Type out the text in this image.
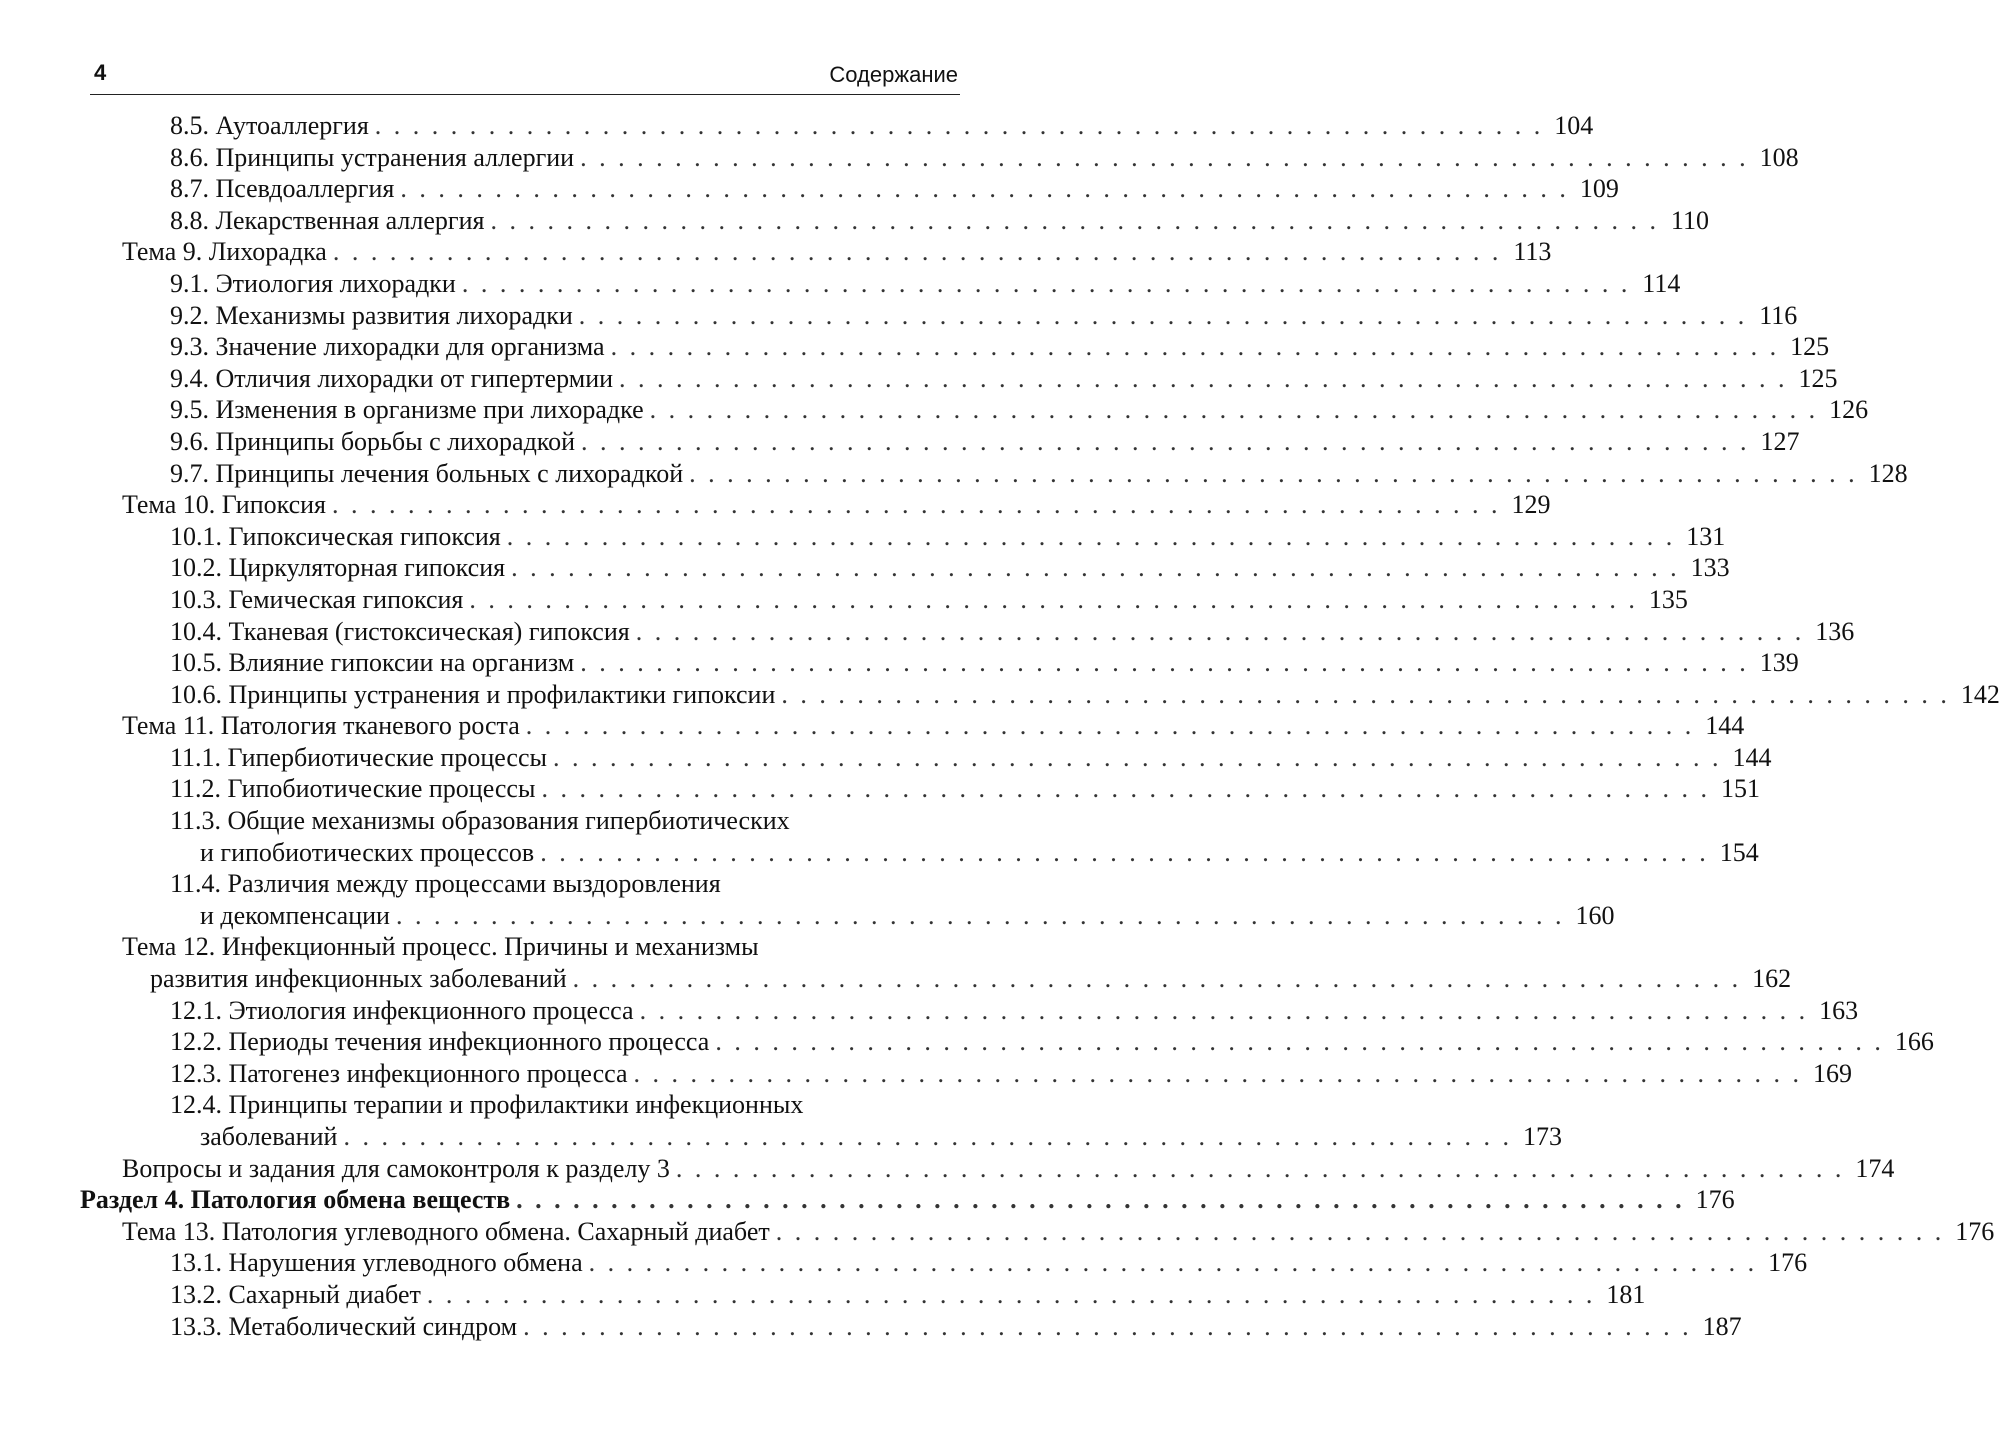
4	Содержание
8.5. Аутоаллергия . . . . . . . . . . . . . . . . . . . . . . . . . . . . . . . . . . . . . . . . . . . . . . . . . . . . . . . . . . . . . . 104
8.6. Принципы устранения аллергии . . . . . . . . . . . . . . . . . . . . . . . . . . . . . . . . . . . . . . . . . . . . . . . . . . . . . . . . . . . . . . 108
8.7. Псевдоаллергия . . . . . . . . . . . . . . . . . . . . . . . . . . . . . . . . . . . . . . . . . . . . . . . . . . . . . . . . . . . . . . 109
8.8. Лекарственная аллергия . . . . . . . . . . . . . . . . . . . . . . . . . . . . . . . . . . . . . . . . . . . . . . . . . . . . . . . . . . . . . . 110
Тема 9. Лихорадка . . . . . . . . . . . . . . . . . . . . . . . . . . . . . . . . . . . . . . . . . . . . . . . . . . . . . . . . . . . . . . 113
9.1. Этиология лихорадки . . . . . . . . . . . . . . . . . . . . . . . . . . . . . . . . . . . . . . . . . . . . . . . . . . . . . . . . . . . . . . 114
9.2. Механизмы развития лихорадки . . . . . . . . . . . . . . . . . . . . . . . . . . . . . . . . . . . . . . . . . . . . . . . . . . . . . . . . . . . . . . 116
9.3. Значение лихорадки для организма . . . . . . . . . . . . . . . . . . . . . . . . . . . . . . . . . . . . . . . . . . . . . . . . . . . . . . . . . . . . . . 125
9.4. Отличия лихорадки от гипертермии . . . . . . . . . . . . . . . . . . . . . . . . . . . . . . . . . . . . . . . . . . . . . . . . . . . . . . . . . . . . . . 125
9.5. Изменения в организме при лихорадке . . . . . . . . . . . . . . . . . . . . . . . . . . . . . . . . . . . . . . . . . . . . . . . . . . . . . . . . . . . . . . 126
9.6. Принципы борьбы с лихорадкой . . . . . . . . . . . . . . . . . . . . . . . . . . . . . . . . . . . . . . . . . . . . . . . . . . . . . . . . . . . . . . 127
9.7. Принципы лечения больных с лихорадкой . . . . . . . . . . . . . . . . . . . . . . . . . . . . . . . . . . . . . . . . . . . . . . . . . . . . . . . . . . . . . . 128
Тема 10. Гипоксия . . . . . . . . . . . . . . . . . . . . . . . . . . . . . . . . . . . . . . . . . . . . . . . . . . . . . . . . . . . . . . 129
10.1. Гипоксическая гипоксия . . . . . . . . . . . . . . . . . . . . . . . . . . . . . . . . . . . . . . . . . . . . . . . . . . . . . . . . . . . . . . 131
10.2. Циркуляторная гипоксия . . . . . . . . . . . . . . . . . . . . . . . . . . . . . . . . . . . . . . . . . . . . . . . . . . . . . . . . . . . . . . 133
10.3. Гемическая гипоксия . . . . . . . . . . . . . . . . . . . . . . . . . . . . . . . . . . . . . . . . . . . . . . . . . . . . . . . . . . . . . . 135
10.4. Тканевая (гистоксическая) гипоксия . . . . . . . . . . . . . . . . . . . . . . . . . . . . . . . . . . . . . . . . . . . . . . . . . . . . . . . . . . . . . . 136
10.5. Влияние гипоксии на организм . . . . . . . . . . . . . . . . . . . . . . . . . . . . . . . . . . . . . . . . . . . . . . . . . . . . . . . . . . . . . . 139
10.6. Принципы устранения и профилактики гипоксии . . . . . . . . . . . . . . . . . . . . . . . . . . . . . . . . . . . . . . . . . . . . . . . . . . . . . . . . . . . . . . 142
Тема 11. Патология тканевого роста . . . . . . . . . . . . . . . . . . . . . . . . . . . . . . . . . . . . . . . . . . . . . . . . . . . . . . . . . . . . . . 144
11.1. Гипербиотические процессы . . . . . . . . . . . . . . . . . . . . . . . . . . . . . . . . . . . . . . . . . . . . . . . . . . . . . . . . . . . . . . 144
11.2. Гипобиотические процессы . . . . . . . . . . . . . . . . . . . . . . . . . . . . . . . . . . . . . . . . . . . . . . . . . . . . . . . . . . . . . . 151
11.3. Общие механизмы образования гипербиотических
и гипобиотических процессов . . . . . . . . . . . . . . . . . . . . . . . . . . . . . . . . . . . . . . . . . . . . . . . . . . . . . . . . . . . . . . 154
11.4. Различия между процессами выздоровления
и декомпенсации . . . . . . . . . . . . . . . . . . . . . . . . . . . . . . . . . . . . . . . . . . . . . . . . . . . . . . . . . . . . . . 160
Тема 12. Инфекционный процесс. Причины и механизмы
развития инфекционных заболеваний . . . . . . . . . . . . . . . . . . . . . . . . . . . . . . . . . . . . . . . . . . . . . . . . . . . . . . . . . . . . . . 162
12.1. Этиология инфекционного процесса . . . . . . . . . . . . . . . . . . . . . . . . . . . . . . . . . . . . . . . . . . . . . . . . . . . . . . . . . . . . . . 163
12.2. Периоды течения инфекционного процесса . . . . . . . . . . . . . . . . . . . . . . . . . . . . . . . . . . . . . . . . . . . . . . . . . . . . . . . . . . . . . . 166
12.3. Патогенез инфекционного процесса . . . . . . . . . . . . . . . . . . . . . . . . . . . . . . . . . . . . . . . . . . . . . . . . . . . . . . . . . . . . . . 169
12.4. Принципы терапии и профилактики инфекционных
заболеваний . . . . . . . . . . . . . . . . . . . . . . . . . . . . . . . . . . . . . . . . . . . . . . . . . . . . . . . . . . . . . . 173
Вопросы и задания для самоконтроля к разделу 3 . . . . . . . . . . . . . . . . . . . . . . . . . . . . . . . . . . . . . . . . . . . . . . . . . . . . . . . . . . . . . . 174
Раздел 4. Патология обмена веществ . . . . . . . . . . . . . . . . . . . . . . . . . . . . . . . . . . . . . . . . . . . . . . . . . . . . . . . . . . . . . . 176
Тема 13. Патология углеводного обмена. Сахарный диабет . . . . . . . . . . . . . . . . . . . . . . . . . . . . . . . . . . . . . . . . . . . . . . . . . . . . . . . . . . . . . . 176
13.1. Нарушения углеводного обмена . . . . . . . . . . . . . . . . . . . . . . . . . . . . . . . . . . . . . . . . . . . . . . . . . . . . . . . . . . . . . . 176
13.2. Сахарный диабет . . . . . . . . . . . . . . . . . . . . . . . . . . . . . . . . . . . . . . . . . . . . . . . . . . . . . . . . . . . . . . 181
13.3. Метаболический синдром . . . . . . . . . . . . . . . . . . . . . . . . . . . . . . . . . . . . . . . . . . . . . . . . . . . . . . . . . . . . . . 187
